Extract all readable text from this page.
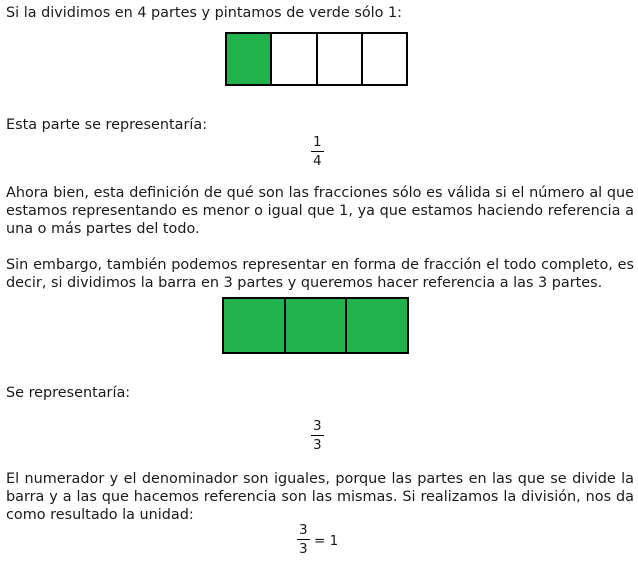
Si la dividimos en 4 partes y pintamos de verde sólo 1:

Esta parte se representaría:

$\frac{1}{4}$

Ahora bien, esta definición de qué son las fracciones sólo es válida si el número al que estamos representando es menor o igual que 1, ya que estamos haciendo referencia a una o más partes del todo.

Sin embargo, también podemos representar en forma de fracción el todo completo, es decir, si dividimos la barra en 3 partes y queremos hacer referencia a las 3 partes.

Se representaría:

$\frac{3}{3}$

El numerador y el denominador son iguales, porque las partes en las que se divide la barra y a las que hacemos referencia son las mismas. Si realizamos la división, nos da como resultado la unidad:

$\frac{3}{3} = 1$
